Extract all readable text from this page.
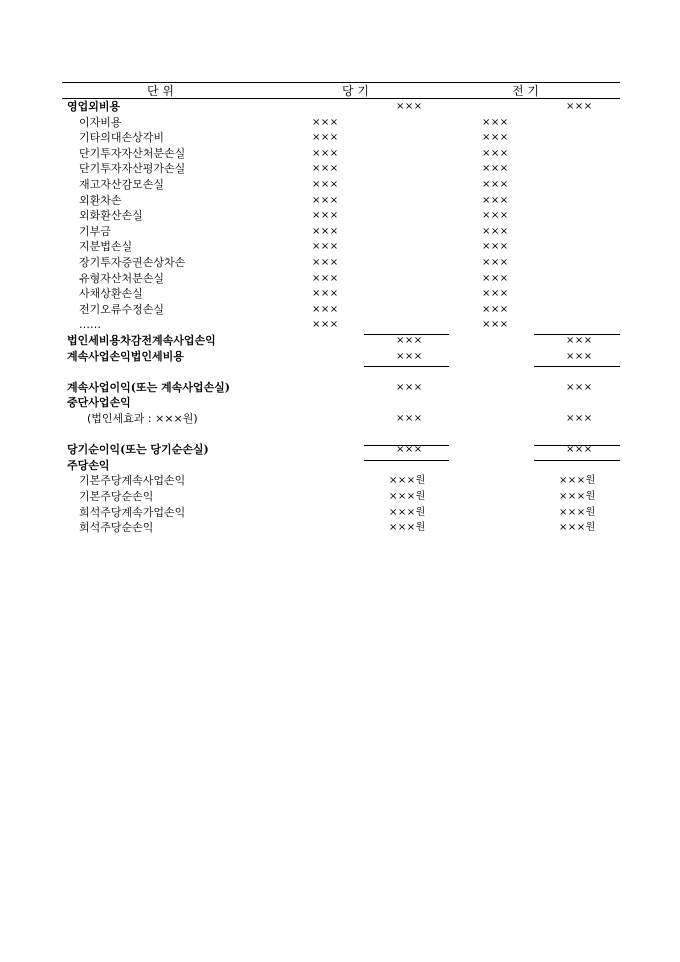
단 위	당 기	전 기
영업외비용	×××	×××
이자비용	×××	×××
기타의대손상각비	×××	×××
단기투자자산처분손실	×××	×××
단기투자자산평가손실	×××	×××
재고자산감모손실	×××	×××
외환차손	×××	×××
외화환산손실	×××	×××
기부금	×××	×××
지분법손실	×××	×××
장기투자증권손상차손	×××	×××
유형자산처분손실	×××	×××
사채상환손실	×××	×××
전기오류수정손실	×××	×××
……	×××	×××
법인세비용차감전계속사업손익	×××	×××
계속사업손익법인세비용	×××	×××
계속사업이익(또는 계속사업손실)	×××	×××
중단사업손익
(법인세효과 : ×××원)	×××	×××
당기순이익(또는 당기순손실)	×××	×××
주당손익
기본주당계속사업손익	×××원	×××원
기본주당순손익	×××원	×××원
희석주당계속가업손익	×××원	×××원
희석주당순손익	×××원	×××원
